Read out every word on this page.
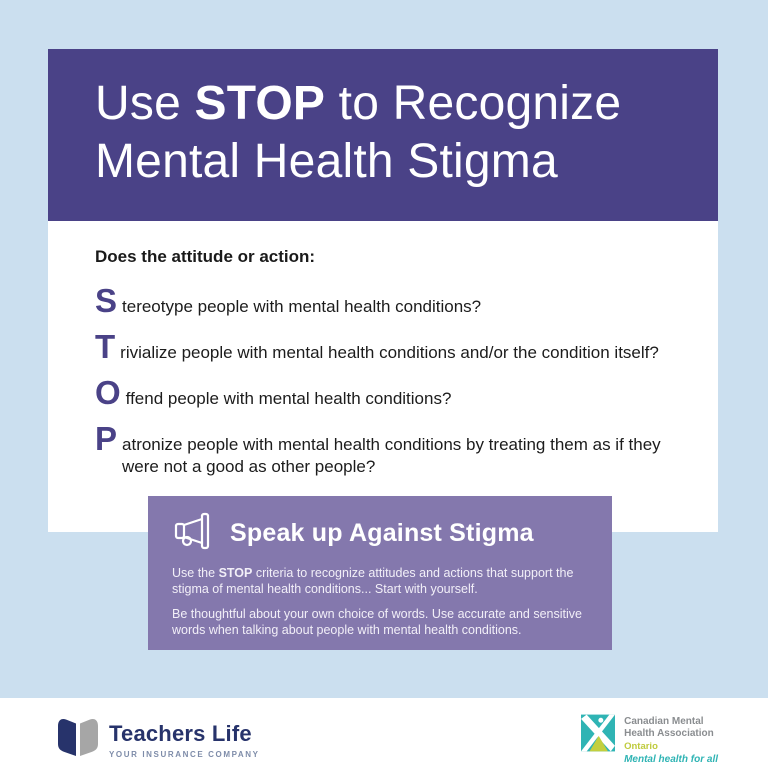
Use STOP to Recognize
Mental Health Stigma

Does the attitude or action:

S tereotype people with mental health conditions?

T rivialize people with mental health conditions and/or the condition itself?

O ffend people with mental health conditions?

P atronize people with mental health conditions by treating them as if they were not a good as other people?

Speak up Against Stigma

Use the STOP criteria to recognize attitudes and actions that support the stigma of mental health conditions... Start with yourself.

Be thoughtful about your own choice of words. Use accurate and sensitive words when talking about people with mental health conditions.

Teachers Life
YOUR INSURANCE COMPANY
Canadian Mental
Health Association
Ontario
Mental health for all
